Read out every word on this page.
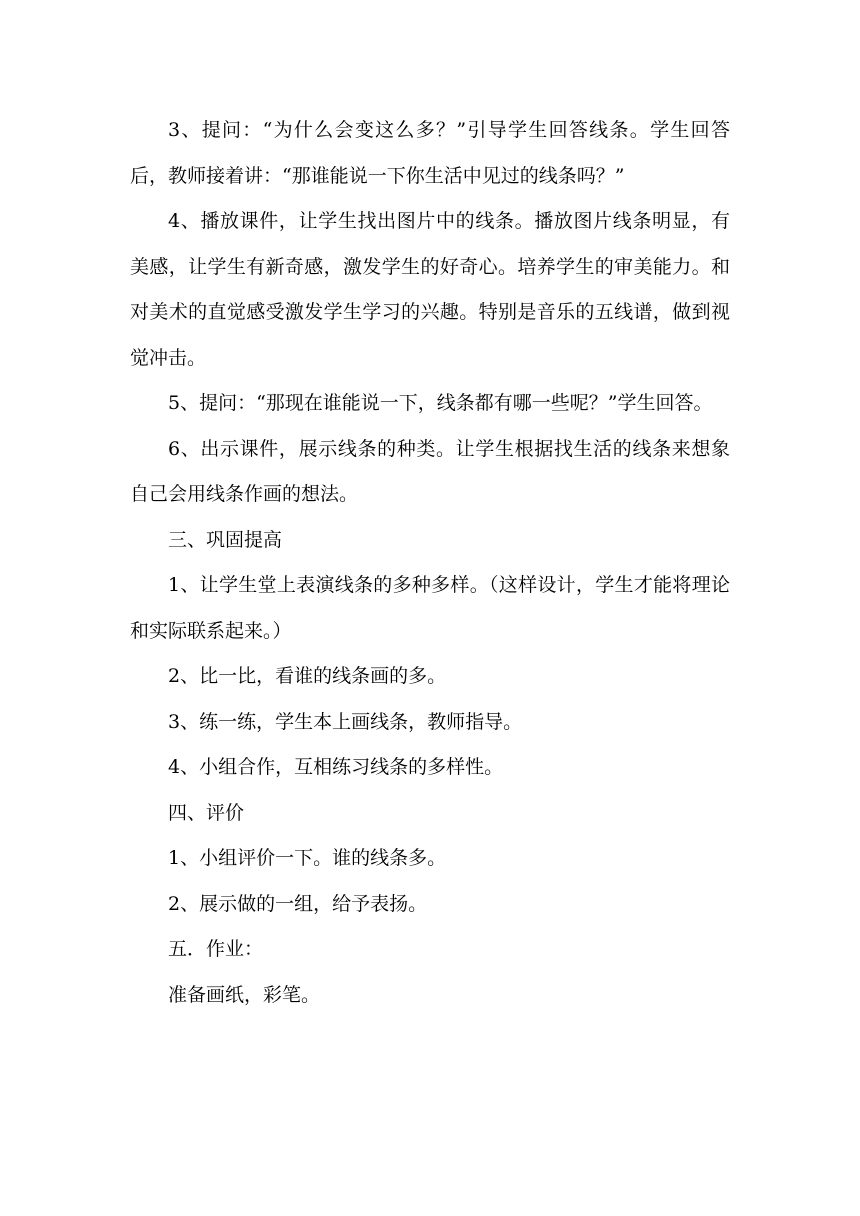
3、提问：“为什么会变这么多？”引导学生回答线条。学生回答后，教师接着讲：“那谁能说一下你生活中见过的线条吗？”

4、播放课件，让学生找出图片中的线条。播放图片线条明显，有美感，让学生有新奇感，激发学生的好奇心。培养学生的审美能力。和对美术的直觉感受激发学生学习的兴趣。特别是音乐的五线谱，做到视觉冲击。

5、提问：“那现在谁能说一下，线条都有哪一些呢？”学生回答。

6、出示课件，展示线条的种类。让学生根据找生活的线条来想象自己会用线条作画的想法。

三、巩固提高

1、让学生堂上表演线条的多种多样。（这样设计，学生才能将理论和实际联系起来。）

2、比一比，看谁的线条画的多。

3、练一练，学生本上画线条，教师指导。

4、小组合作，互相练习线条的多样性。

四、评价

1、小组评价一下。谁的线条多。

2、展示做的一组，给予表扬。

五．作业：

准备画纸，彩笔。
